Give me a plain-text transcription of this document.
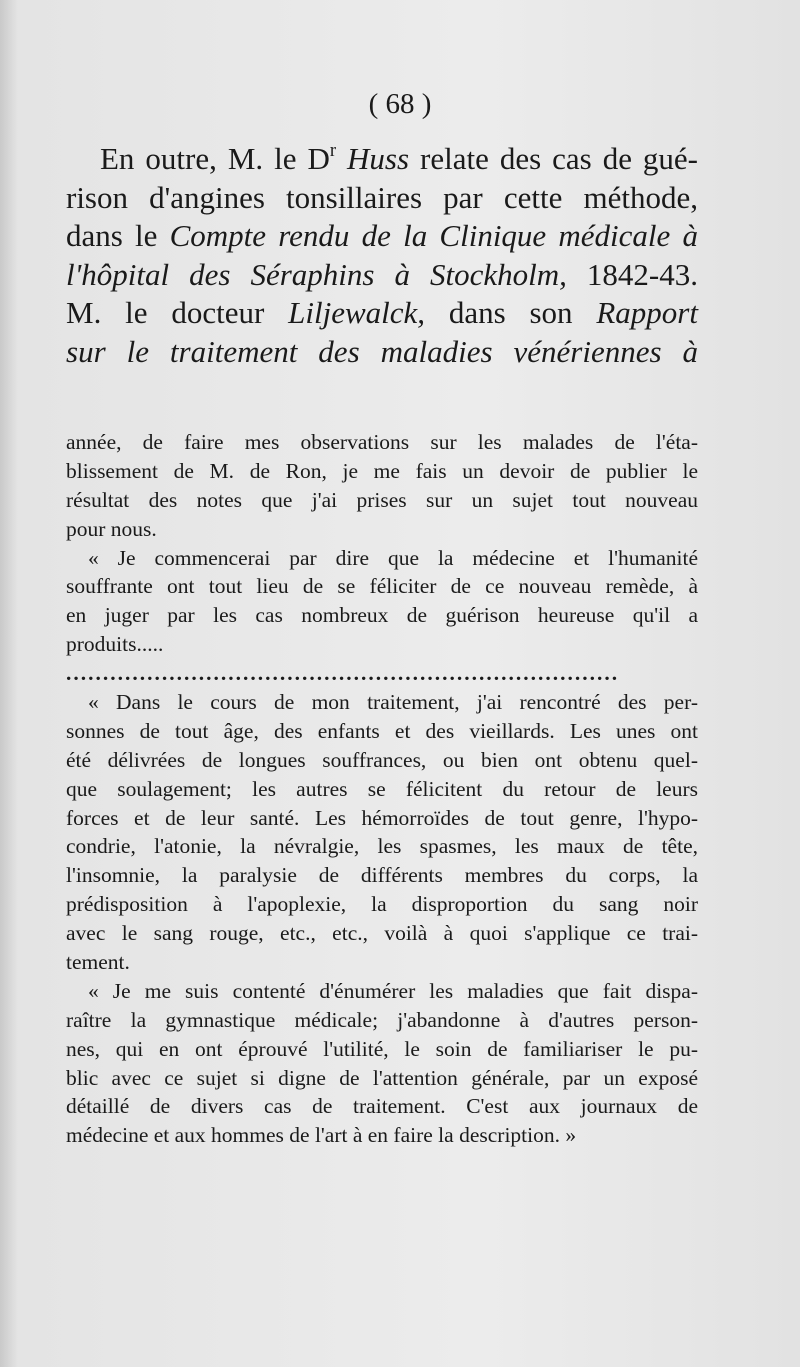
( 68 )
En outre, M. le $D^r$ Huss relate des cas de gué-
rison d'angines tonsillaires par cette méthode,
dans le Compte rendu de la Clinique médicale à
l'hôpital des Séraphins à Stockholm, 1842-43.
M. le docteur Liljewalck, dans son Rapport
sur le traitement des maladies vénériennes à
année, de faire mes observations sur les malades de l'éta-
blissement de M. de Ron, je me fais un devoir de publier le
résultat des notes que j'ai prises sur un sujet tout nouveau
pour nous.
« Je commencerai par dire que la médecine et l'humanité
souffrante ont tout lieu de se féliciter de ce nouveau remède, à
en juger par les cas nombreux de guérison heureuse qu'il a
produits.....
...........................................................................
« Dans le cours de mon traitement, j'ai rencontré des per-
sonnes de tout âge, des enfants et des vieillards. Les unes ont
été délivrées de longues souffrances, ou bien ont obtenu quel-
que soulagement; les autres se félicitent du retour de leurs
forces et de leur santé. Les hémorroïdes de tout genre, l'hypo-
condrie, l'atonie, la névralgie, les spasmes, les maux de tête,
l'insomnie, la paralysie de différents membres du corps, la
prédisposition à l'apoplexie, la disproportion du sang noir
avec le sang rouge, etc., etc., voilà à quoi s'applique ce trai-
tement.
« Je me suis contenté d'énumérer les maladies que fait dispa-
raître la gymnastique médicale; j'abandonne à d'autres person-
nes, qui en ont éprouvé l'utilité, le soin de familiariser le pu-
blic avec ce sujet si digne de l'attention générale, par un exposé
détaillé de divers cas de traitement. C'est aux journaux de
médecine et aux hommes de l'art à en faire la description. »
